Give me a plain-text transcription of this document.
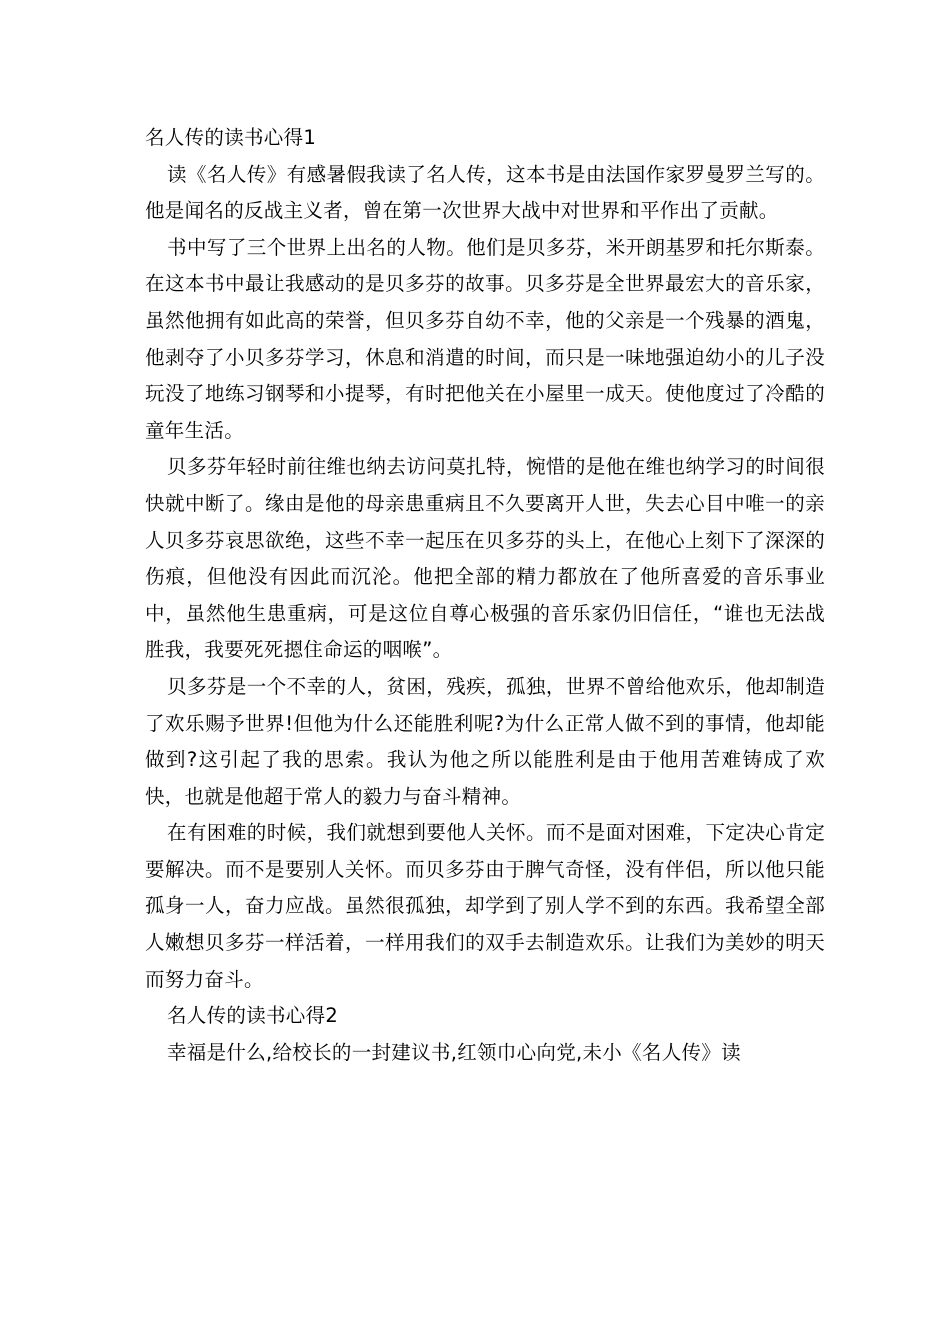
名人传的读书心得1

读《名人传》有感暑假我读了名人传，这本书是由法国作家罗曼罗兰写的。他是闻名的反战主义者，曾在第一次世界大战中对世界和平作出了贡献。

书中写了三个世界上出名的人物。他们是贝多芬，米开朗基罗和托尔斯泰。在这本书中最让我感动的是贝多芬的故事。贝多芬是全世界最宏大的音乐家，虽然他拥有如此高的荣誉，但贝多芬自幼不幸，他的父亲是一个残暴的酒鬼，他剥夺了小贝多芬学习，休息和消遣的时间，而只是一味地强迫幼小的儿子没玩没了地练习钢琴和小提琴，有时把他关在小屋里一成天。使他度过了冷酷的童年生活。

贝多芬年轻时前往维也纳去访问莫扎特，惋惜的是他在维也纳学习的时间很快就中断了。缘由是他的母亲患重病且不久要离开人世，失去心目中唯一的亲人贝多芬哀思欲绝，这些不幸一起压在贝多芬的头上，在他心上刻下了深深的伤痕，但他没有因此而沉沦。他把全部的精力都放在了他所喜爱的音乐事业中，虽然他生患重病，可是这位自尊心极强的音乐家仍旧信任，“谁也无法战胜我，我要死死摁住命运的咽喉”。

贝多芬是一个不幸的人，贫困，残疾，孤独，世界不曾给他欢乐，他却制造了欢乐赐予世界!但他为什么还能胜利呢?为什么正常人做不到的事情，他却能做到?这引起了我的思索。我认为他之所以能胜利是由于他用苦难铸成了欢快，也就是他超于常人的毅力与奋斗精神。

在有困难的时候，我们就想到要他人关怀。而不是面对困难，下定决心肯定要解决。而不是要别人关怀。而贝多芬由于脾气奇怪，没有伴侣，所以他只能孤身一人，奋力应战。虽然很孤独，却学到了别人学不到的东西。我希望全部人嫩想贝多芬一样活着，一样用我们的双手去制造欢乐。让我们为美妙的明天而努力奋斗。

名人传的读书心得2

幸福是什么,给校长的一封建议书,红领巾心向党,未小《名人传》读
